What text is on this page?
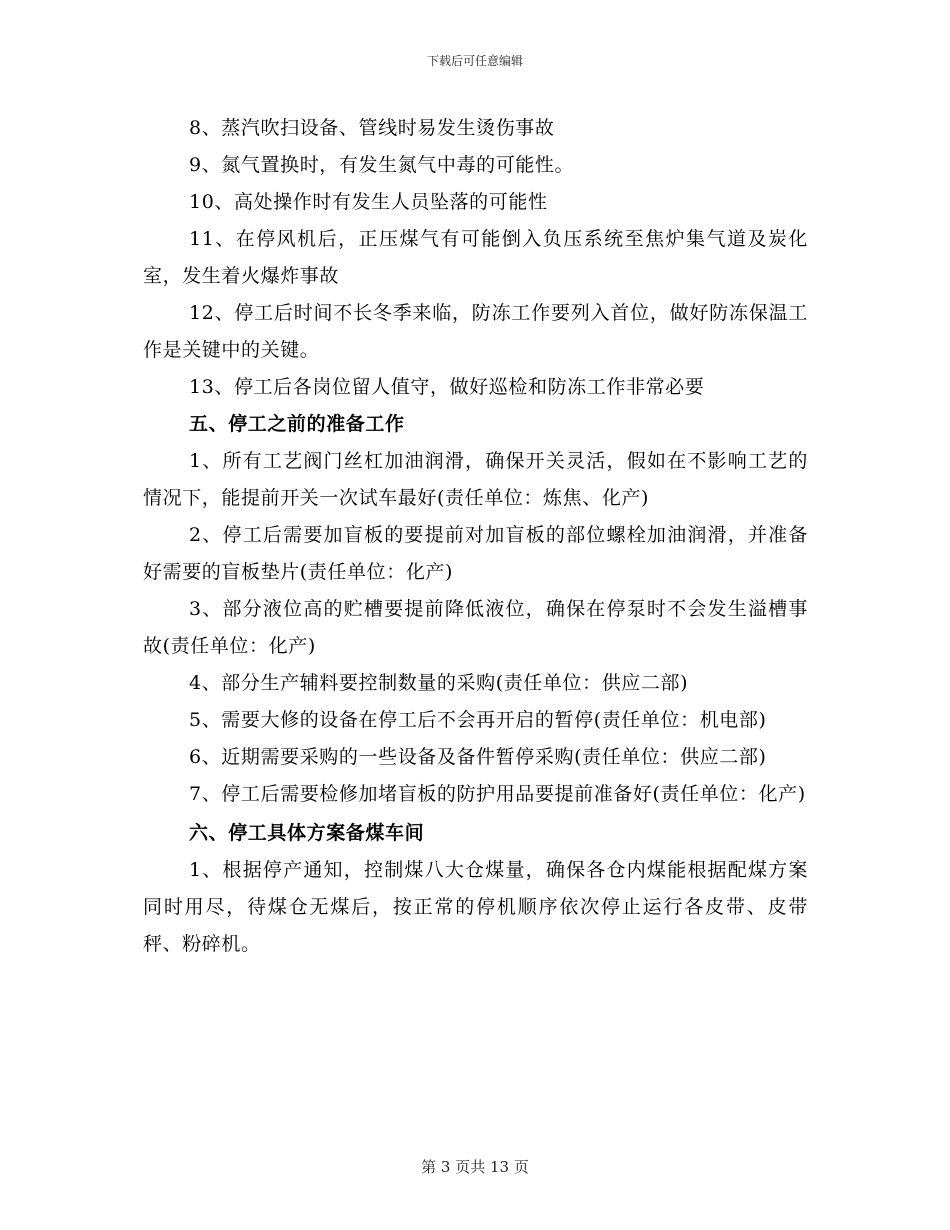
下载后可任意编辑

8、蒸汽吹扫设备、管线时易发生烫伤事故

9、氮气置换时，有发生氮气中毒的可能性。

10、高处操作时有发生人员坠落的可能性

11、在停风机后，正压煤气有可能倒入负压系统至焦炉集气道及炭化室，发生着火爆炸事故

12、停工后时间不长冬季来临，防冻工作要列入首位，做好防冻保温工作是关键中的关键。

13、停工后各岗位留人值守，做好巡检和防冻工作非常必要

五、停工之前的准备工作

1、所有工艺阀门丝杠加油润滑，确保开关灵活，假如在不影响工艺的情况下，能提前开关一次试车最好(责任单位：炼焦、化产)

2、停工后需要加盲板的要提前对加盲板的部位螺栓加油润滑，并准备好需要的盲板垫片(责任单位：化产)

3、部分液位高的贮槽要提前降低液位，确保在停泵时不会发生溢槽事故(责任单位：化产)

4、部分生产辅料要控制数量的采购(责任单位：供应二部)

5、需要大修的设备在停工后不会再开启的暂停(责任单位：机电部)

6、近期需要采购的一些设备及备件暂停采购(责任单位：供应二部)

7、停工后需要检修加堵盲板的防护用品要提前准备好(责任单位：化产)

六、停工具体方案备煤车间

1、根据停产通知，控制煤八大仓煤量，确保各仓内煤能根据配煤方案同时用尽，待煤仓无煤后，按正常的停机顺序依次停止运行各皮带、皮带秤、粉碎机。

第 3 页共 13 页
